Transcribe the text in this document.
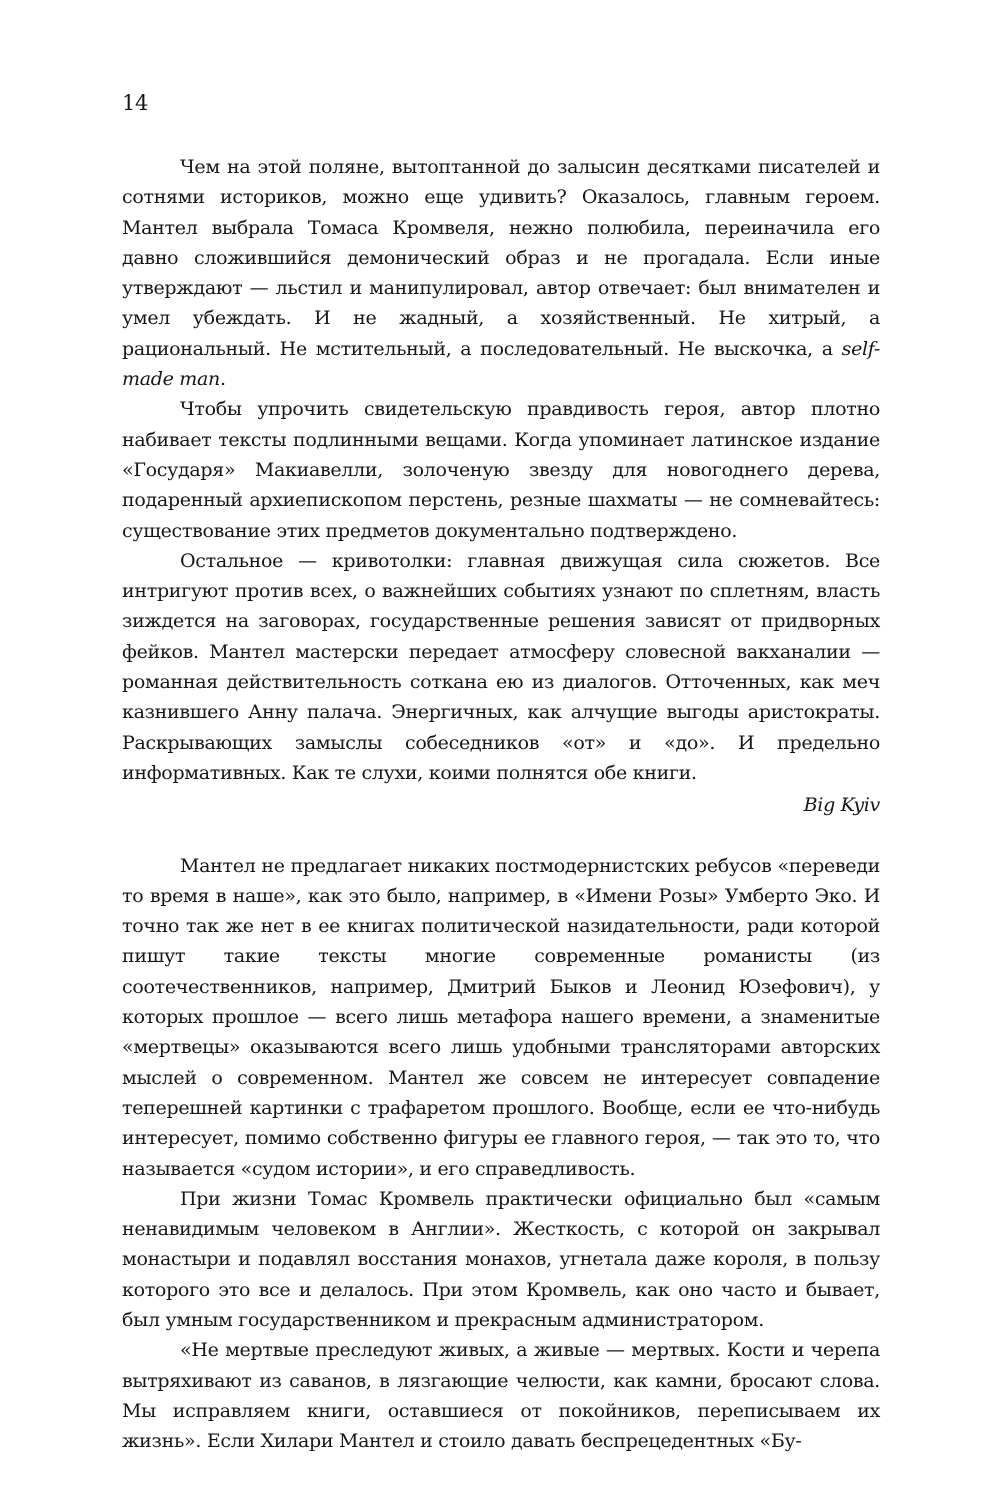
14

Чем на этой поляне, вытоптанной до залысин десятками писателей и сотнями историков, можно еще удивить? Оказалось, главным героем. Мантел выбрала Томаса Кромвеля, нежно полюбила, переиначила его давно сложившийся демонический образ и не прогадала. Если иные утверждают — льстил и манипулировал, автор отвечает: был внимателен и умел убеждать. И не жадный, а хозяйственный. Не хитрый, а рациональный. Не мстительный, а последовательный. Не выскочка, а self-made man.

Чтобы упрочить свидетельскую правдивость героя, автор плотно набивает тексты подлинными вещами. Когда упоминает латинское издание «Государя» Макиавелли, золоченую звезду для новогоднего дерева, подаренный архиепископом перстень, резные шахматы — не сомневайтесь: существование этих предметов документально подтверждено.

Остальное — кривотолки: главная движущая сила сюжетов. Все интригуют против всех, о важнейших событиях узнают по сплетням, власть зиждется на заговорах, государственные решения зависят от придворных фейков. Мантел мастерски передает атмосферу словесной вакханалии — романная действительность соткана ею из диалогов. Отточенных, как меч казнившего Анну палача. Энергичных, как алчущие выгоды аристократы. Раскрывающих замыслы собеседников «от» и «до». И предельно информативных. Как те слухи, коими полнятся обе книги.

Big Kyiv

Мантел не предлагает никаких постмодернистских ребусов «переведи то время в наше», как это было, например, в «Имени Розы» Умберто Эко. И точно так же нет в ее книгах политической назидательности, ради которой пишут такие тексты многие современные романисты (из соотечественников, например, Дмитрий Быков и Леонид Юзефович), у которых прошлое — всего лишь метафора нашего времени, а знаменитые «мертвецы» оказываются всего лишь удобными трансляторами авторских мыслей о современном. Мантел же совсем не интересует совпадение теперешней картинки с трафаретом прошлого. Вообще, если ее что-нибудь интересует, помимо собственно фигуры ее главного героя, — так это то, что называется «судом истории», и его справедливость.

При жизни Томас Кромвель практически официально был «самым ненавидимым человеком в Англии». Жесткость, с которой он закрывал монастыри и подавлял восстания монахов, угнетала даже короля, в пользу которого это все и делалось. При этом Кромвель, как оно часто и бывает, был умным государственником и прекрасным администратором.

«Не мертвые преследуют живых, а живые — мертвых. Кости и черепа вытряхивают из саванов, в лязгающие челюсти, как камни, бросают слова. Мы исправляем книги, оставшиеся от покойников, переписываем их жизнь». Если Хилари Мантел и стоило давать беспрецедентных «Бу-
